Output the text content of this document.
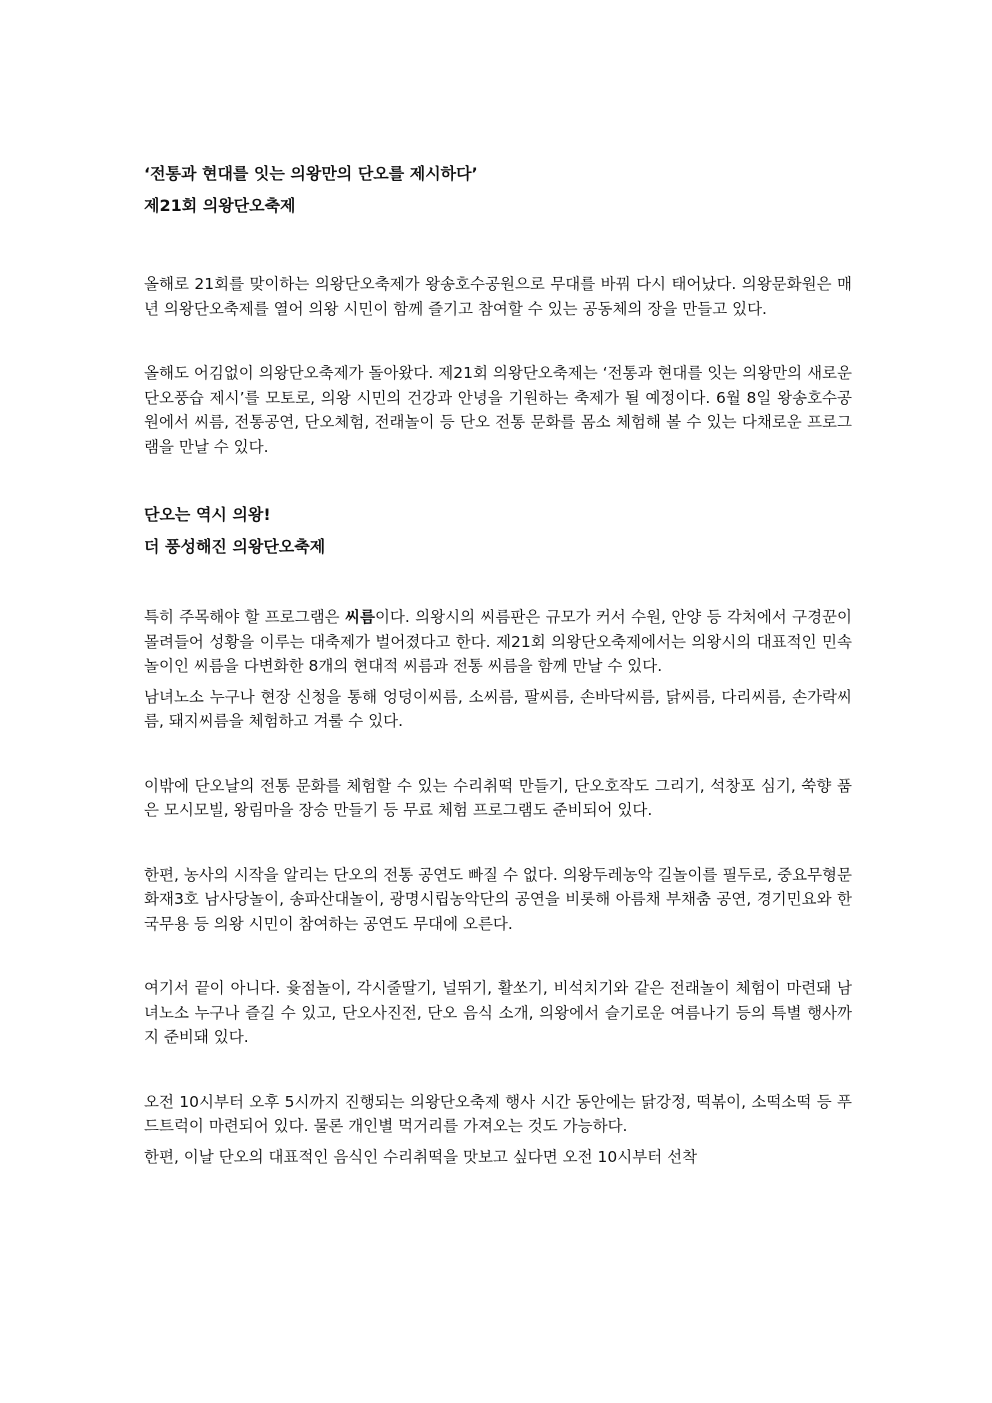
‘전통과 현대를 잇는 의왕만의 단오를 제시하다’
제21회 의왕단오축제

올해로 21회를 맞이하는 의왕단오축제가 왕송호수공원으로 무대를 바꿔 다시 태어났다. 의왕문화원은 매년 의왕단오축제를 열어 의왕 시민이 함께 즐기고 참여할 수 있는 공동체의 장을 만들고 있다.

올해도 어김없이 의왕단오축제가 돌아왔다. 제21회 의왕단오축제는 ‘전통과 현대를 잇는 의왕만의 새로운 단오풍습 제시’를 모토로, 의왕 시민의 건강과 안녕을 기원하는 축제가 될 예정이다. 6월 8일 왕송호수공원에서 씨름, 전통공연, 단오체험, 전래놀이 등 단오 전통 문화를 몸소 체험해 볼 수 있는 다채로운 프로그램을 만날 수 있다.

단오는 역시 의왕!
더 풍성해진 의왕단오축제

특히 주목해야 할 프로그램은 씨름이다. 의왕시의 씨름판은 규모가 커서 수원, 안양 등 각처에서 구경꾼이 몰려들어 성황을 이루는 대축제가 벌어졌다고 한다. 제21회 의왕단오축제에서는 의왕시의 대표적인 민속놀이인 씨름을 다변화한 8개의 현대적 씨름과 전통 씨름을 함께 만날 수 있다.

남녀노소 누구나 현장 신청을 통해 엉덩이씨름, 소씨름, 팔씨름, 손바닥씨름, 닭씨름, 다리씨름, 손가락씨름, 돼지씨름을 체험하고 겨룰 수 있다.

이밖에 단오날의 전통 문화를 체험할 수 있는 수리취떡 만들기, 단오호작도 그리기, 석창포 심기, 쑥향 품은 모시모빌, 왕림마을 장승 만들기 등 무료 체험 프로그램도 준비되어 있다.

한편, 농사의 시작을 알리는 단오의 전통 공연도 빠질 수 없다. 의왕두레농악 길놀이를 필두로, 중요무형문화재3호 남사당놀이, 송파산대놀이, 광명시립농악단의 공연을 비롯해 아름채 부채춤 공연, 경기민요와 한국무용 등 의왕 시민이 참여하는 공연도 무대에 오른다.

여기서 끝이 아니다. 윷점놀이, 각시줄딸기, 널뛰기, 활쏘기, 비석치기와 같은 전래놀이 체험이 마련돼 남녀노소 누구나 즐길 수 있고, 단오사진전, 단오 음식 소개, 의왕에서 슬기로운 여름나기 등의 특별 행사까지 준비돼 있다.

오전 10시부터 오후 5시까지 진행되는 의왕단오축제 행사 시간 동안에는 닭강정, 떡볶이, 소떡소떡 등 푸드트럭이 마련되어 있다. 물론 개인별 먹거리를 가져오는 것도 가능하다.

한편, 이날 단오의 대표적인 음식인 수리취떡을 맛보고 싶다면 오전 10시부터 선착
